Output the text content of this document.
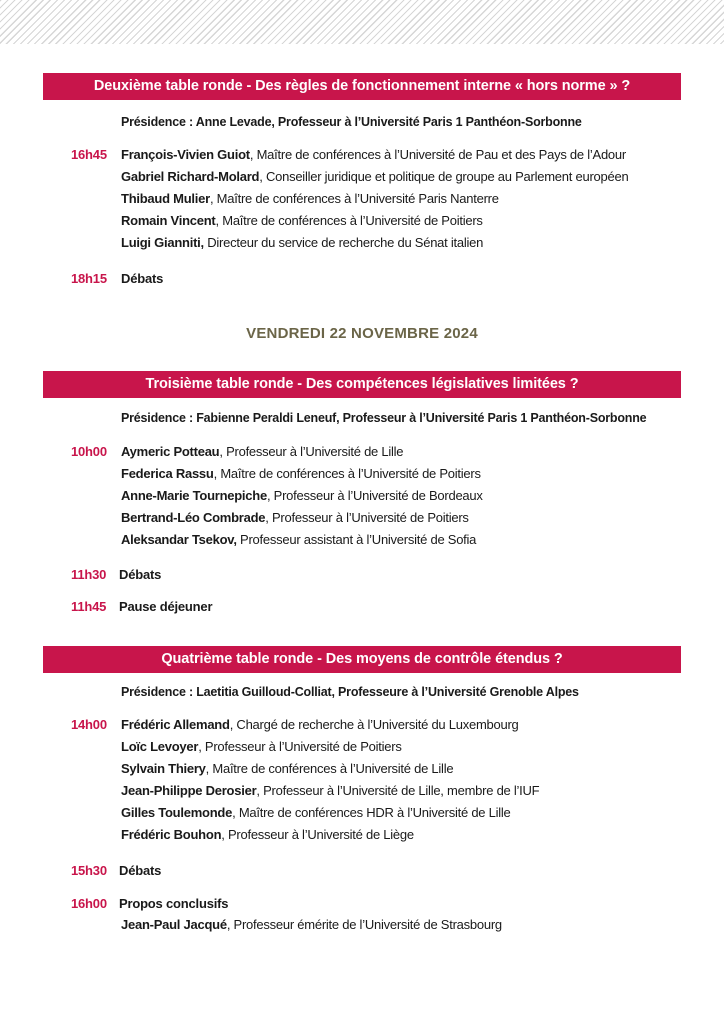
Deuxième table ronde - Des règles de fonctionnement interne « hors norme » ?
Présidence : Anne Levade, Professeur à l’Université Paris 1 Panthéon-Sorbonne
16h45 François-Vivien Guiot, Maître de conférences à l’Université de Pau et des Pays de l’Adour
Gabriel Richard-Molard, Conseiller juridique et politique de groupe au Parlement européen
Thibaud Mulier, Maître de conférences à l’Université Paris Nanterre
Romain Vincent, Maître de conférences à l’Université de Poitiers
Luigi Gianniti, Directeur du service de recherche du Sénat italien
18h15 Débats
VENDREDI 22 NOVEMBRE 2024
Troisième table ronde - Des compétences législatives limitées ?
Présidence : Fabienne Peraldi Leneuf, Professeur à l’Université Paris 1 Panthéon-Sorbonne
10h00 Aymeric Potteau, Professeur à l’Université de Lille
Federica Rassu, Maître de conférences à l’Université de Poitiers
Anne-Marie Tournepiche, Professeur à l’Université de Bordeaux
Bertrand-Léo Combrade, Professeur à l’Université de Poitiers
Aleksandar Tsekov, Professeur assistant à l’Université de Sofia
11h30 Débats
11h45 Pause déjeuner
Quatrième table ronde - Des moyens de contrôle étendus ?
Présidence : Laetitia Guilloud-Colliat, Professeure à l’Université Grenoble Alpes
14h00 Frédéric Allemand, Chargé de recherche à l’Université du Luxembourg
Loïc Levoyer, Professeur à l’Université de Poitiers
Sylvain Thiery, Maître de conférences à l’Université de Lille
Jean-Philippe Derosier, Professeur à l’Université de Lille, membre de l’IUF
Gilles Toulemonde, Maître de conférences HDR à l’Université de Lille
Frédéric Bouhon, Professeur à l’Université de Liège
15h30 Débats
16h00 Propos conclusifs
Jean-Paul Jacqué, Professeur émérite de l’Université de Strasbourg
